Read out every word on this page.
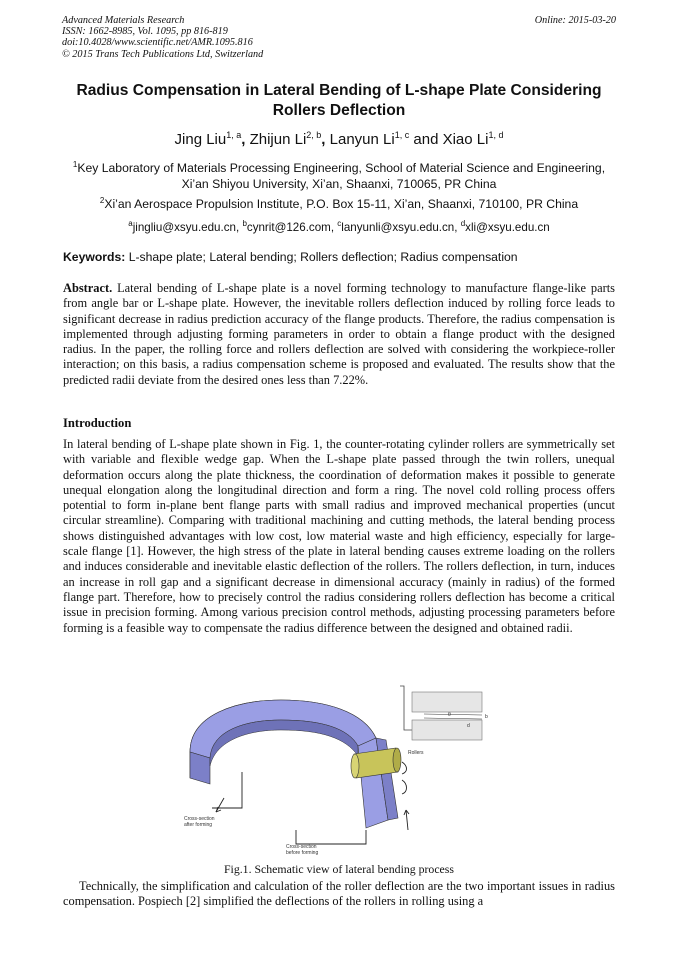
Advanced Materials Research
ISSN: 1662-8985, Vol. 1095, pp 816-819
doi:10.4028/www.scientific.net/AMR.1095.816
© 2015 Trans Tech Publications Ltd, Switzerland
Online: 2015-03-20
Radius Compensation in Lateral Bending of L-shape Plate Considering
Rollers Deflection
Jing Liu$^{1, a}$, Zhijun Li$^{2, b}$, Lanyun Li$^{1, c}$ and Xiao Li$^{1, d}$
$^1$Key Laboratory of Materials Processing Engineering, School of Material Science and Engineering,
Xi’an Shiyou University, Xi’an, Shaanxi, 710065, PR China
$^2$Xi’an Aerospace Propulsion Institute, P.O. Box 15-11, Xi’an, Shaanxi, 710100, PR China
$^a$jingliu@xsyu.edu.cn, $^b$cynrit@126.com, $^c$lanyunli@xsyu.edu.cn, $^d$xli@xsyu.edu.cn
Keywords: L-shape plate; Lateral bending; Rollers deflection; Radius compensation

Abstract. Lateral bending of L-shape plate is a novel forming technology to manufacture flange-like parts from angle bar or L-shape plate. However, the inevitable rollers deflection induced by rolling force leads to significant decrease in radius prediction accuracy of the flange products. Therefore, the radius compensation is implemented through adjusting forming parameters in order to obtain a flange product with the designed radius. In the paper, the rolling force and rollers deflection are solved with considering the workpiece-roller interaction; on this basis, a radius compensation scheme is proposed and evaluated. The results show that the predicted radii deviate from the desired ones less than 7.22%.

Introduction

In lateral bending of L-shape plate shown in Fig. 1, the counter-rotating cylinder rollers are symmetrically set with variable and flexible wedge gap. When the L-shape plate passed through the twin rollers, unequal deformation occurs along the plate thickness, the coordination of deformation makes it possible to generate unequal elongation along the longitudinal direction and form a ring. The novel cold rolling process offers potential to form in-plane bent flange parts with small radius and improved mechanical properties (uncut circular streamline). Comparing with traditional machining and cutting methods, the lateral bending process shows distinguished advantages with low cost, low material waste and high efficiency, especially for large-scale flange [1]. However, the high stress of the plate in lateral bending causes extreme loading on the rollers and induces considerable and inevitable elastic deflection of the rollers. The rollers deflection, in turn, induces an increase in roll gap and a significant decrease in dimensional accuracy (mainly in radius) of the formed flange part. Therefore, how to precisely control the radius considering rollers deflection has become a critical issue in precision forming. Among various precision control methods, adjusting processing parameters before forming is a feasible way to compensate the radius difference between the designed and obtained radii.

θ	b
d
Rollers
Cross-section
after forming
Cross-section
before forming
Fig.1. Schematic view of lateral bending process

Technically, the simplification and calculation of the roller deflection are the two important issues in radius compensation. Pospiech [2] simplified the deflections of the rollers in rolling using a
